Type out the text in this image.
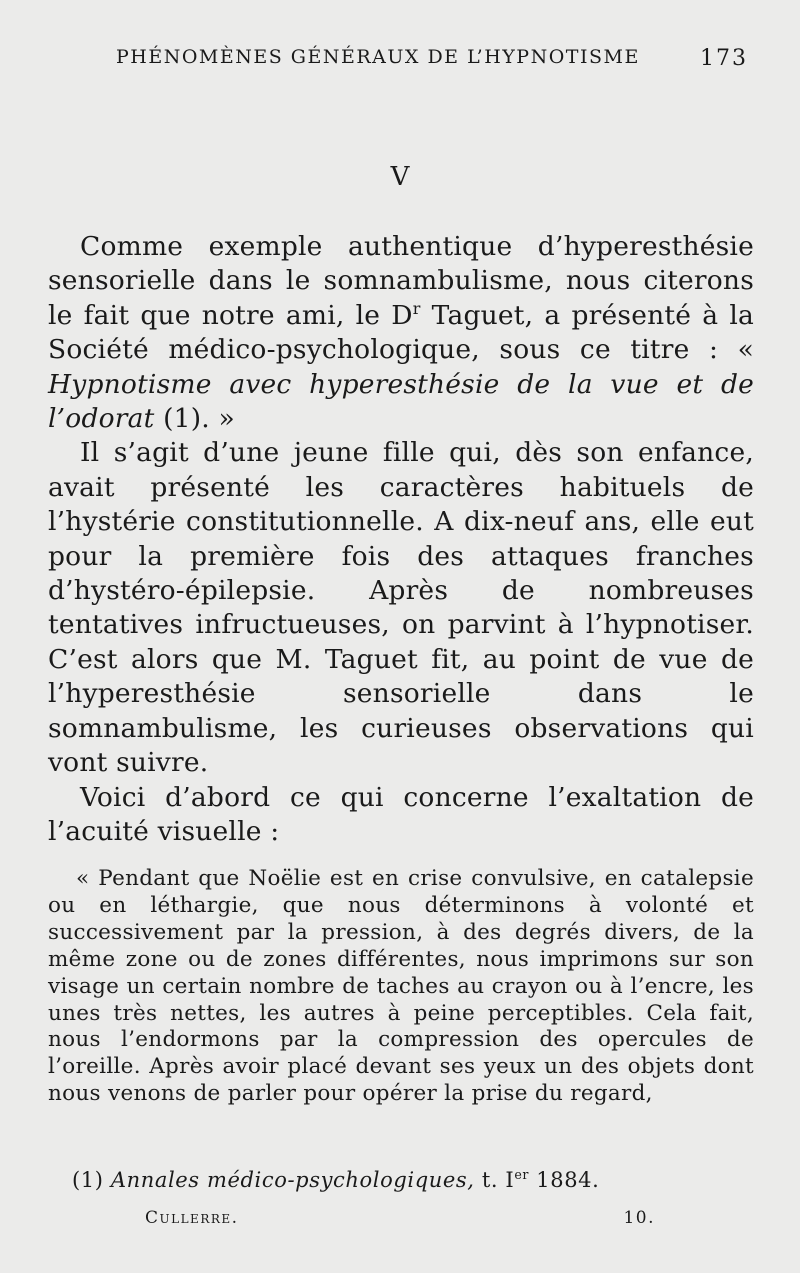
PHÉNOMÈNES GÉNÉRAUX DE L’HYPNOTISME	173
V

Comme exemple authentique d’hyperesthésie sensorielle dans le somnambulisme, nous citerons le fait que notre ami, le $D^r$ Taguet, a présenté à la Société médico-psychologique, sous ce titre : « Hypnotisme avec hyperesthésie de la vue et de l’odorat (1). »

Il s’agit d’une jeune fille qui, dès son enfance, avait présenté les caractères habituels de l’hystérie constitutionnelle. A dix-neuf ans, elle eut pour la première fois des attaques franches d’hystéro-épilepsie. Après de nombreuses tentatives infructueuses, on parvint à l’hypnotiser. C’est alors que M. Taguet fit, au point de vue de l’hyperesthésie sensorielle dans le somnambulisme, les curieuses observations qui vont suivre.

Voici d’abord ce qui concerne l’exaltation de l’acuité visuelle :

« Pendant que Noëlie est en crise convulsive, en catalepsie ou en léthargie, que nous déterminons à volonté et successivement par la pression, à des degrés divers, de la même zone ou de zones différentes, nous imprimons sur son visage un certain nombre de taches au crayon ou à l’encre, les unes très nettes, les autres à peine perceptibles. Cela fait, nous l’endormons par la compression des opercules de l’oreille. Après avoir placé devant ses yeux un des objets dont nous venons de parler pour opérer la prise du regard,

(1) Annales médico-psychologiques, t. Ier 1884.
Cullerre.	10.
